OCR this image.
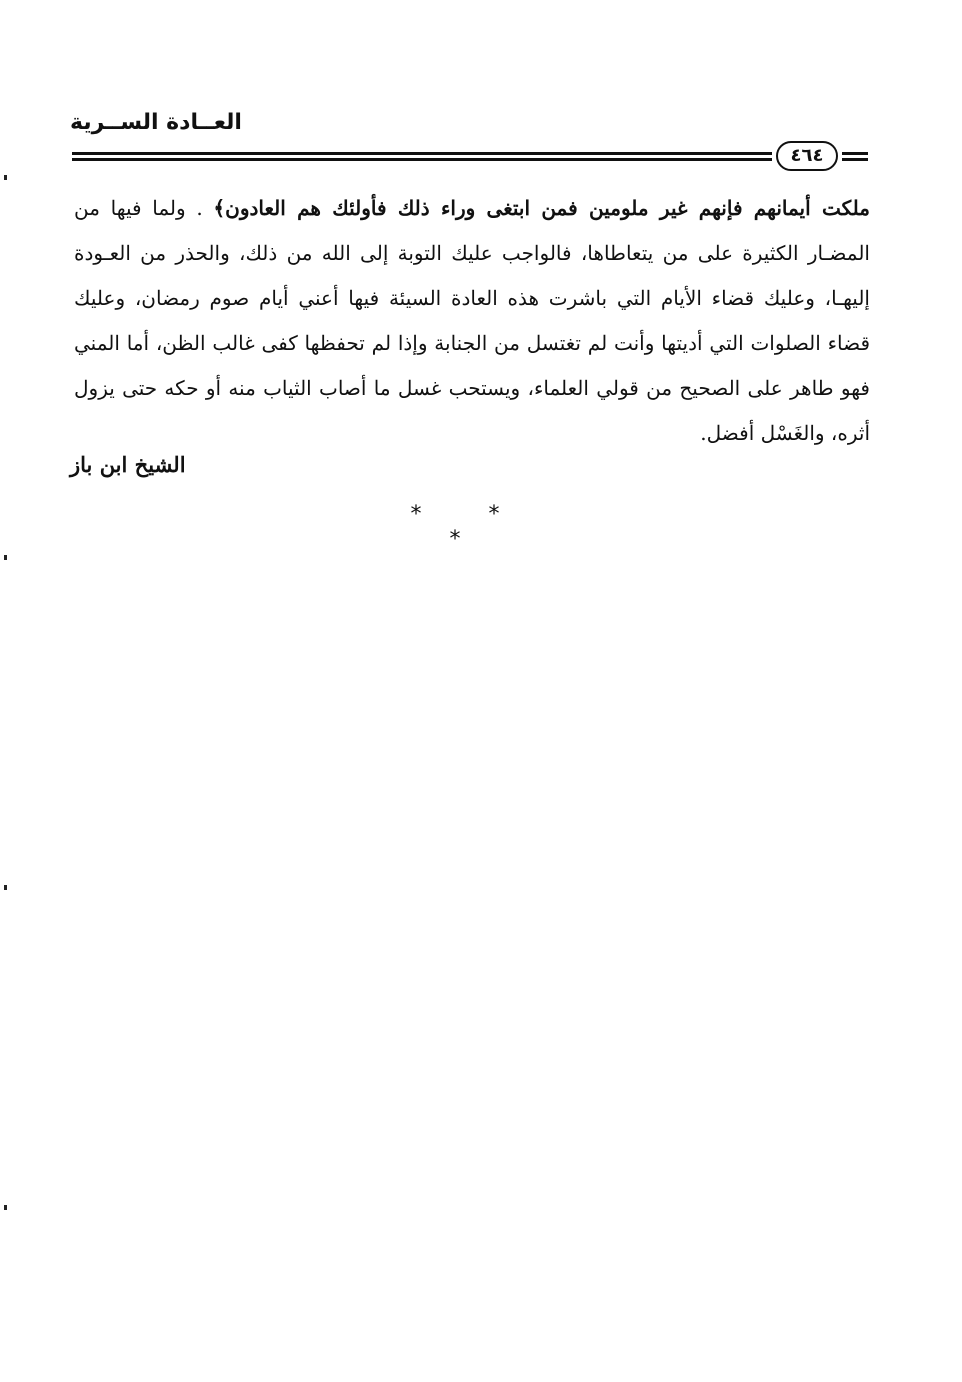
العــادة الســرية
٤٦٤

ملكت أيمانهم فإنهم غير ملومين فمن ابتغى وراء ذلك فأولئك هم العادون﴾ . ولما فيها من المضـار الكثيرة على من يتعاطاها، فالواجب عليك التوبة إلى الله من ذلك، والحذر من العـودة إليهـا، وعليك قضاء الأيام التي باشرت هذه العادة السيئة فيها أعني أيام صوم رمضان، وعليك قضاء الصلوات التي أديتها وأنت لم تغتسل من الجنابة وإذا لم تحفظها كفى غالب الظن، أما المني فهو طاهر على الصحيح من قولي العلماء، ويستحب غسل ما أصاب الثياب منه أو حكه حتى يزول أثره، والغَسْل أفضل.

الشيخ ابن باز
* * *
